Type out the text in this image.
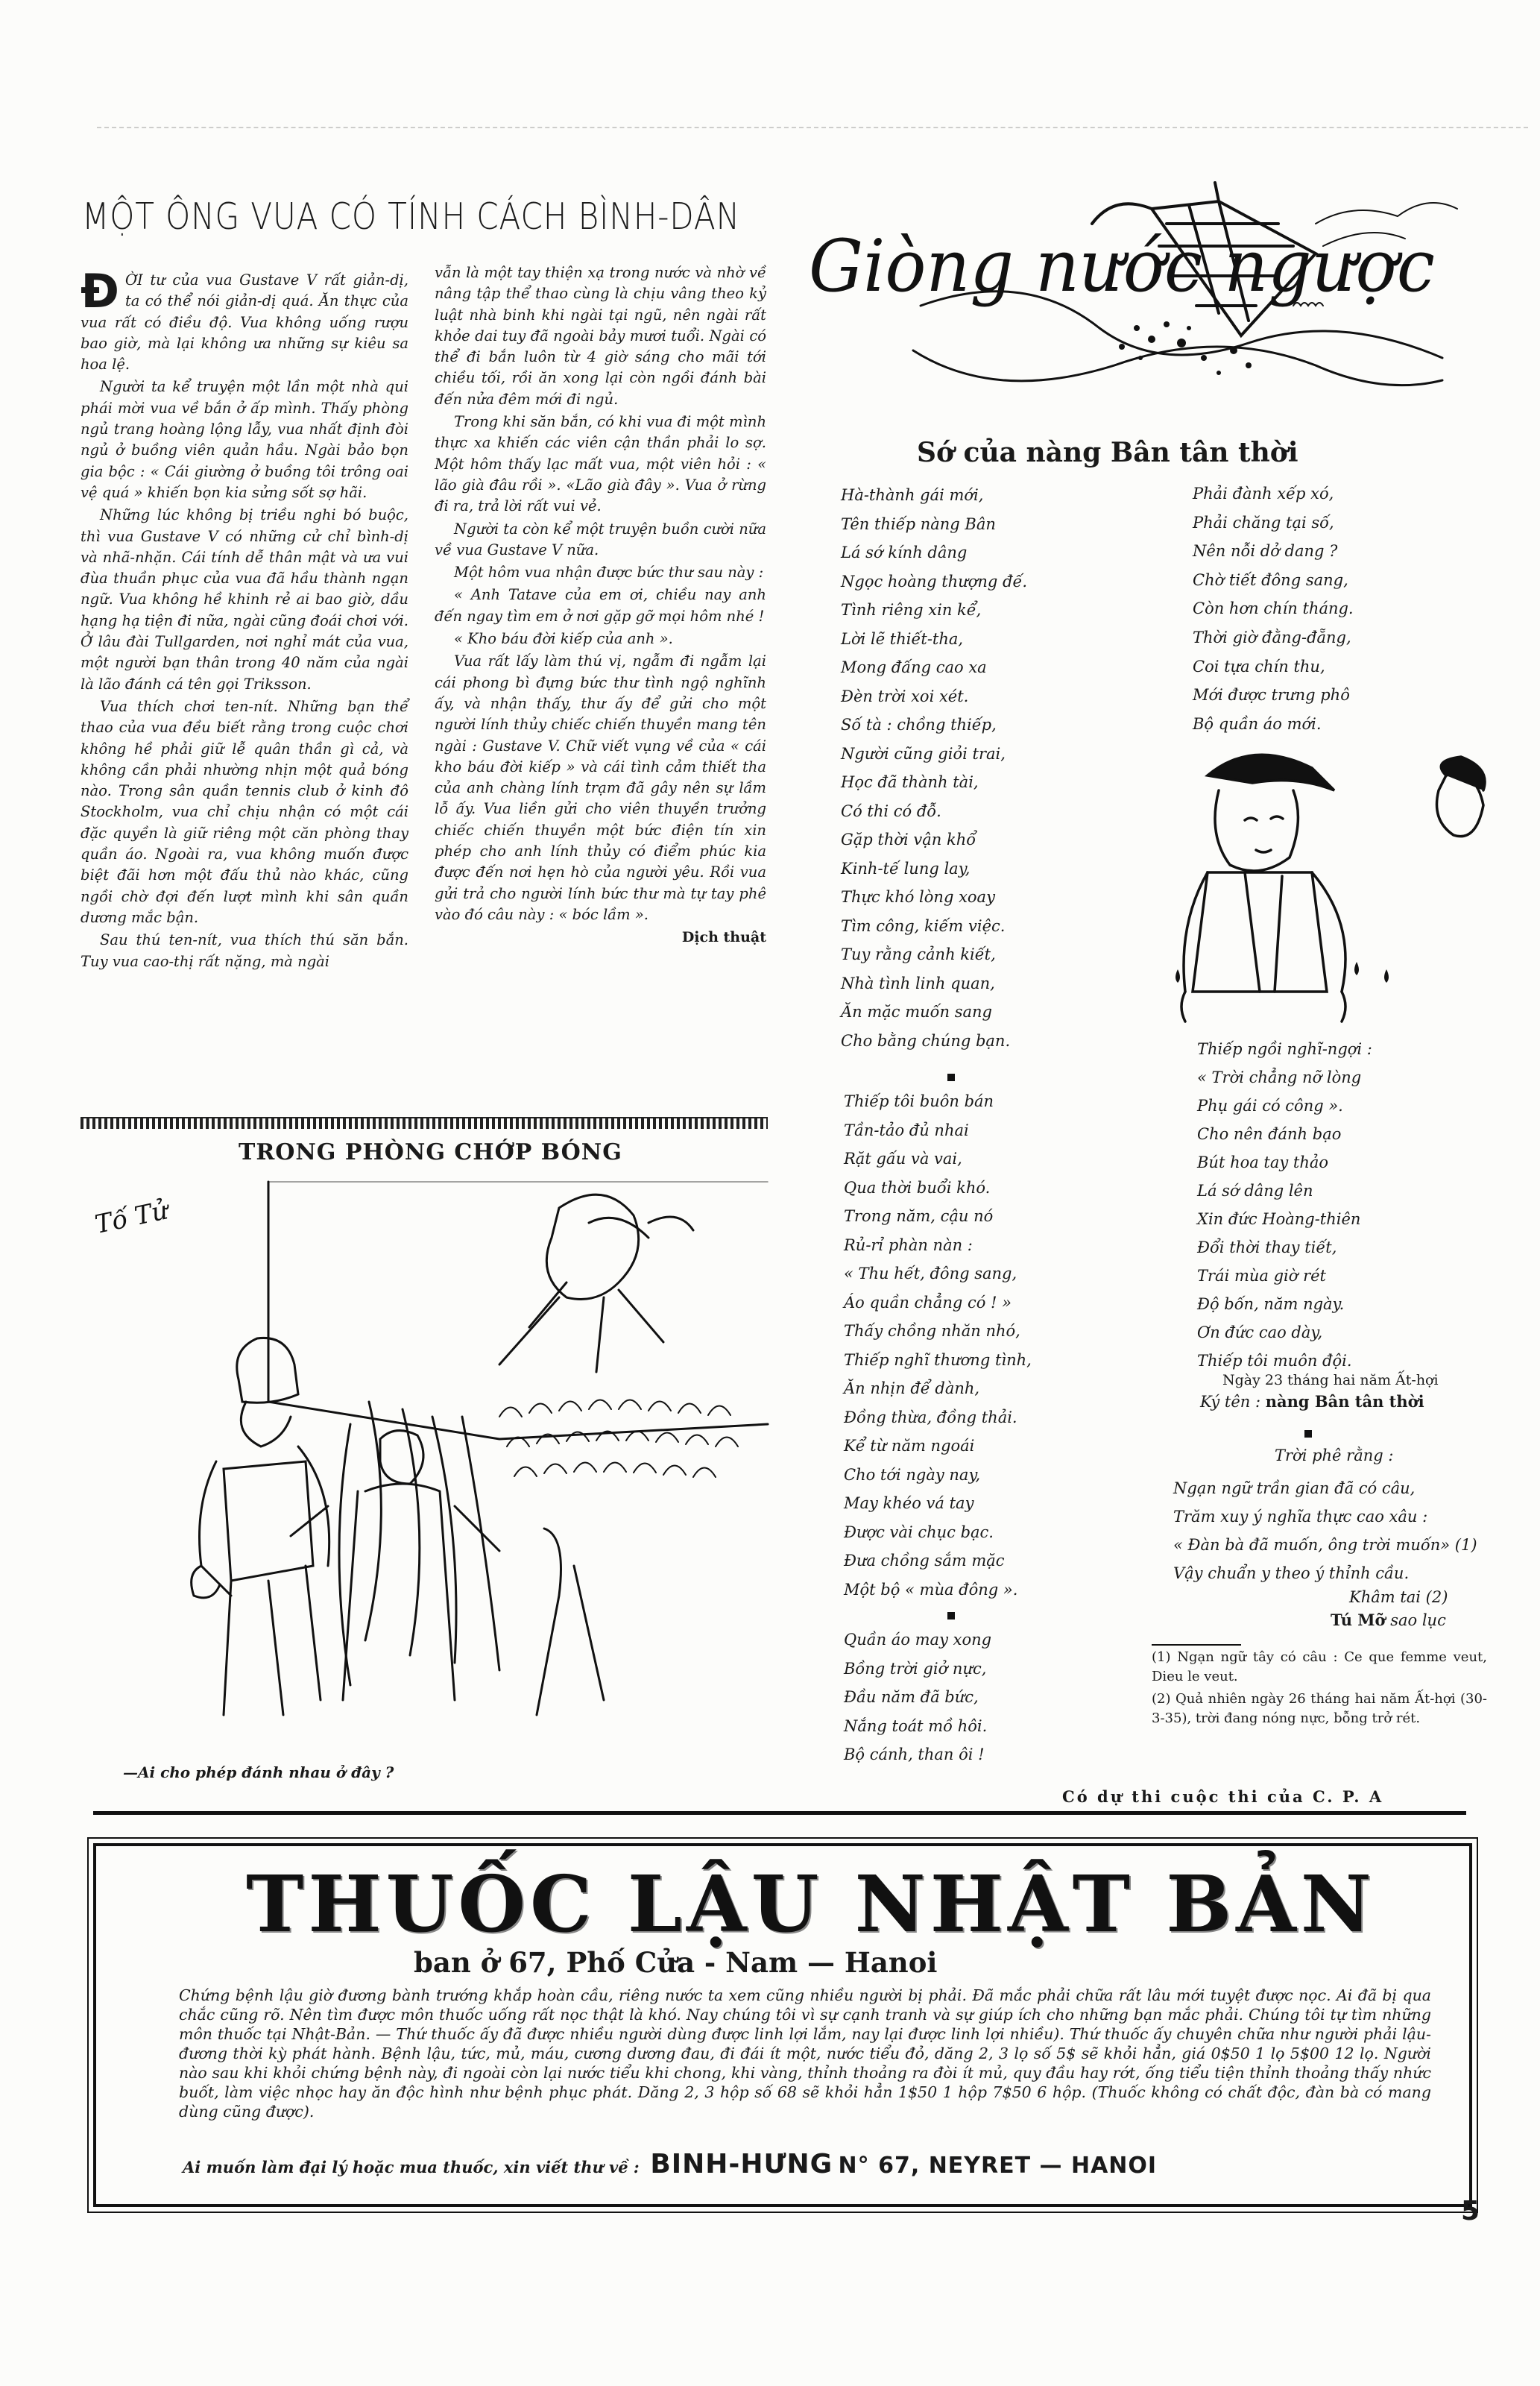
MỘT ÔNG VUA CÓ TÍNH CÁCH BÌNH-DÂN

ĐỜI tư của vua Gustave V rất giản-dị, ta có thể nói giản-dị quá. Ăn thực của vua rất có điều độ. Vua không uống rượu bao giờ, mà lại không ưa những sự kiêu sa hoa lệ.

Người ta kể truyện một lần một nhà qui phái mời vua về bắn ở ấp mình. Thấy phòng ngủ trang hoàng lộng lẫy, vua nhất định đòi ngủ ở buồng viên quản hầu. Ngài bảo bọn gia bộc : « Cái giường ở buồng tôi trông oai vệ quá » khiến bọn kia sửng sốt sợ hãi.

Những lúc không bị triều nghi bó buộc, thì vua Gustave V có những cử chỉ bình-dị và nhã-nhặn. Cái tính dễ thân mật và ưa vui đùa thuần phục của vua đã hầu thành ngạn ngữ. Vua không hề khinh rẻ ai bao giờ, dầu hạng hạ tiện đi nữa, ngài cũng đoái chơi với. Ở lâu đài Tullgarden, nơi nghỉ mát của vua, một người bạn thân trong 40 năm của ngài là lão đánh cá tên gọi Triksson.

Vua thích chơi ten-nít. Những bạn thể thao của vua đều biết rằng trong cuộc chơi không hề phải giữ lễ quân thần gì cả, và không cần phải nhường nhịn một quả bóng nào. Trong sân quần tennis club ở kinh đô Stockholm, vua chỉ chịu nhận có một cái đặc quyền là giữ riêng một căn phòng thay quần áo. Ngoài ra, vua không muốn được biệt đãi hơn một đấu thủ nào khác, cũng ngồi chờ đợi đến lượt mình khi sân quần dương mắc bận.

Sau thú ten-nít, vua thích thú săn bắn. Tuy vua cao-thị rất nặng, mà ngài

vẫn là một tay thiện xạ trong nước và nhờ về nâng tập thể thao cùng là chịu vâng theo kỷ luật nhà binh khi ngài tại ngũ, nên ngài rất khỏe dai tuy đã ngoài bảy mươi tuổi. Ngài có thể đi bắn luôn từ 4 giờ sáng cho mãi tới chiều tối, rồi ăn xong lại còn ngồi đánh bài đến nửa đêm mới đi ngủ.

Trong khi săn bắn, có khi vua đi một mình thực xa khiến các viên cận thần phải lo sợ. Một hôm thấy lạc mất vua, một viên hỏi : « lão già đâu rồi ». «Lão già đây ». Vua ở rừng đi ra, trả lời rất vui vẻ.

Người ta còn kể một truyện buồn cười nữa về vua Gustave V nữa.

Một hôm vua nhận được bức thư sau này :

« Anh Tatave của em ơi, chiều nay anh đến ngay tìm em ở nơi gặp gỡ mọi hôm nhé !

« Kho báu đời kiếp của anh ».

Vua rất lấy làm thú vị, ngẫm đi ngẫm lại cái phong bì đựng bức thư tình ngộ nghĩnh ấy, và nhận thấy, thư ấy để gửi cho một người lính thủy chiếc chiến thuyền mang tên ngài : Gustave V. Chữ viết vụng về của « cái kho báu đời kiếp » và cái tình cảm thiết tha của anh chàng lính trạm đã gây nên sự lầm lỗ ấy. Vua liền gửi cho viên thuyền trưởng chiếc chiến thuyền một bức điện tín xin phép cho anh lính thủy có điểm phúc kia được đến nơi hẹn hò của người yêu. Rồi vua gửi trả cho người lính bức thư mà tự tay phê vào đó câu này : « bóc lầm ».

Dịch thuật
TRONG PHÒNG CHỚP BÓNG
Tố Tử
—Ai cho phép đánh nhau ở đây ?
Giòng nước ngược
Sớ của nàng Bân tân thời
Hà-thành gái mới,
Tên thiếp nàng Bân
Lá sớ kính dâng
Ngọc hoàng thượng đế.
Tình riêng xin kể,
Lời lẽ thiết-tha,
Mong đấng cao xa
Đèn trời xoi xét.
Số tà : chồng thiếp,
Người cũng giỏi trai,
Học đã thành tài,
Có thi có đỗ.
Gặp thời vận khổ
Kinh-tế lung lay,
Thực khó lòng xoay
Tìm công, kiếm việc.
Tuy rằng cảnh kiết,
Nhà tình linh quan,
Ăn mặc muốn sang
Cho bằng chúng bạn.
Thiếp tôi buôn bán
Tần-tảo đủ nhai
Rặt gấu và vai,
Qua thời buổi khó.
Trong năm, cậu nó
Rủ-rỉ phàn nàn :
« Thu hết, đông sang,
Áo quần chẳng có ! »
Thấy chồng nhăn nhó,
Thiếp nghĩ thương tình,
Ăn nhịn để dành,
Đồng thừa, đồng thải.
Kể từ năm ngoái
Cho tới ngày nay,
May khéo vá tay
Được vài chục bạc.
Đưa chồng sắm mặc
Một bộ « mùa đông ».
Quần áo may xong
Bồng trời giở nực,
Đầu năm đã bức,
Nắng toát mồ hôi.
Bộ cánh, than ôi !
Phải đành xếp xó,
Phải chăng tại số,
Nên nỗi dở dang ?
Chờ tiết đông sang,
Còn hơn chín tháng.
Thời giờ đằng-đẵng,
Coi tựa chín thu,
Mới được trưng phô
Bộ quần áo mới.
Thiếp ngồi nghĩ-ngợi :
« Trời chẳng nỡ lòng
Phụ gái có công ».
Cho nên đánh bạo
Bút hoa tay thảo
Lá sớ dâng lên
Xin đức Hoàng-thiên
Đổi thời thay tiết,
Trái mùa giờ rét
Độ bốn, năm ngày.
Ơn đức cao dày,
Thiếp tôi muôn đội.
Ngày 23 tháng hai năm Ất-hợi
Ký tên : nàng Bân tân thời
Trời phê rằng :
Ngạn ngữ trần gian đã có câu,
Trăm xuy ý nghĩa thực cao xâu :
« Đàn bà đã muốn, ông trời muốn» (1)
Vậy chuẩn y theo ý thỉnh cầu.
Khâm tai (2)
Tú Mỡ sao lục
(1) Ngạn ngữ tây có câu : Ce que femme veut, Dieu le veut.
(2) Quả nhiên ngày 26 tháng hai năm Ất-hợi (30-3-35), trời đang nóng nực, bỗng trở rét.
Có dự thi cuộc thi của C. P. A
THUỐC LẬU NHẬT BẢN
ban ở 67, Phố Cửa - Nam — Hanoi
Chứng bệnh lậu giờ đương bành trướng khắp hoàn cầu, riêng nước ta xem cũng nhiều người bị phải. Đã mắc phải chữa rất lâu mới tuyệt được nọc. Ai đã bị qua chắc cũng rõ. Nên tìm được môn thuốc uống rất nọc thật là khó. Nay chúng tôi vì sự cạnh tranh và sự giúp ích cho những bạn mắc phải. Chúng tôi tự tìm những môn thuốc tại Nhật-Bản. — Thứ thuốc ấy đã được nhiều người dùng được linh lợi lắm, nay lại được linh lợi nhiều). Thứ thuốc ấy chuyên chữa như người phải lậu-đương thời kỳ phát hành. Bệnh lậu, tức, mủ, máu, cương dương đau, đi đái ít một, nước tiểu đỏ, dăng 2, 3 lọ số 5$ sẽ khỏi hẳn, giá 0$50 1 lọ 5$00 12 lọ. Người nào sau khi khỏi chứng bệnh này, đi ngoài còn lại nước tiểu khi chong, khi vàng, thỉnh thoảng ra đòi ít mủ, quy đầu hay rớt, ống tiểu tiện thỉnh thoảng thấy nhức buốt, làm việc nhọc hay ăn độc hình như bệnh phục phát. Dăng 2, 3 hộp số 68 sẽ khỏi hẳn 1$50 1 hộp 7$50 6 hộp. (Thuốc không có chất độc, đàn bà có mang dùng cũng được).
Ai muốn làm đại lý hoặc mua thuốc, xin viết thư về : BINH-HƯNG N° 67, NEYRET — HANOI
5
